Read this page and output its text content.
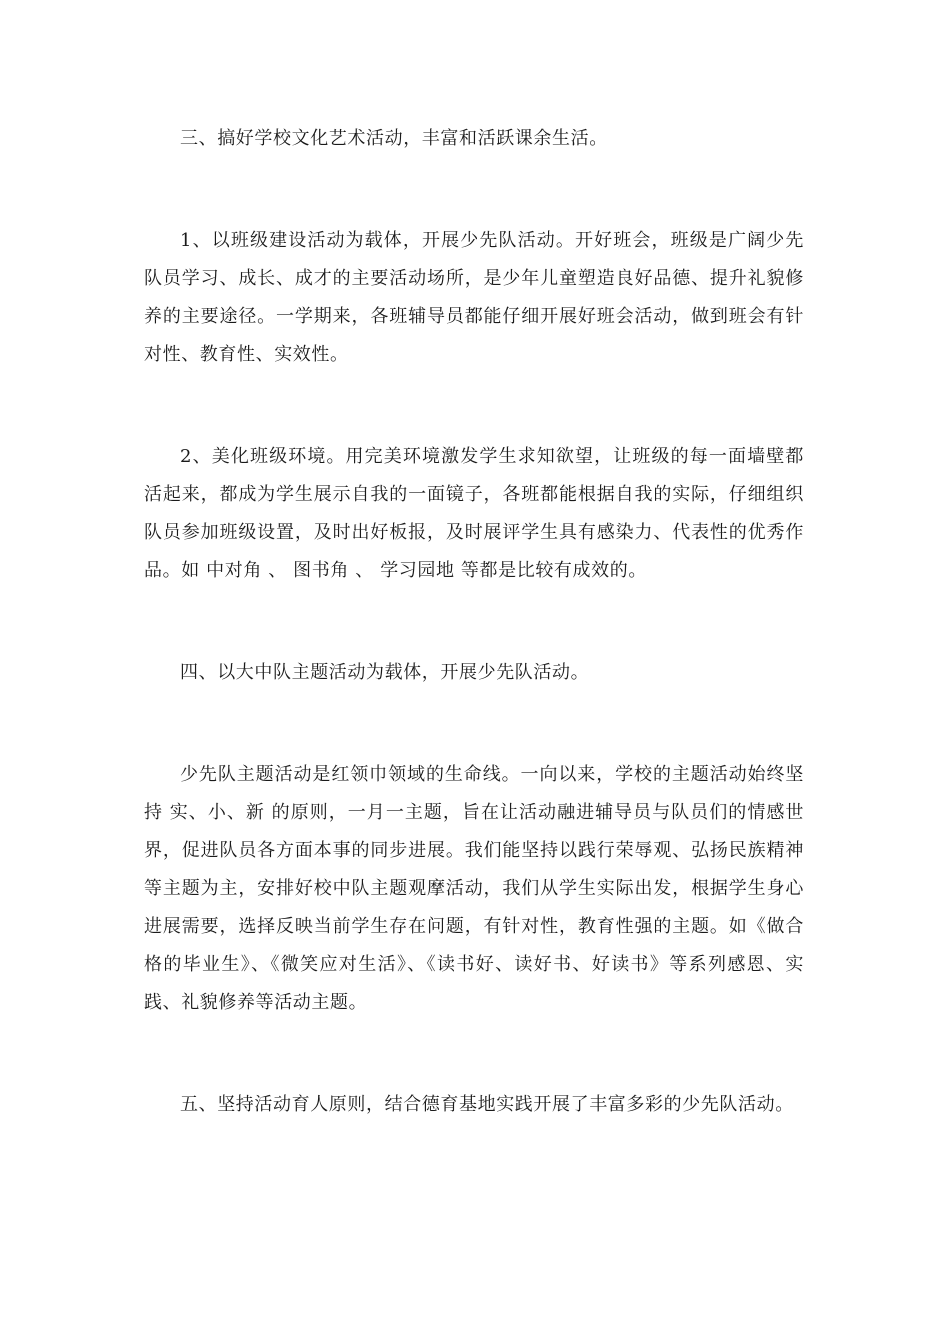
三、搞好学校文化艺术活动，丰富和活跃课余生活。

1、以班级建设活动为载体，开展少先队活动。开好班会，班级是广阔少先队员学习、成长、成才的主要活动场所，是少年儿童塑造良好品德、提升礼貌修养的主要途径。一学期来，各班辅导员都能仔细开展好班会活动，做到班会有针对性、教育性、实效性。

2、美化班级环境。用完美环境激发学生求知欲望，让班级的每一面墙壁都活起来，都成为学生展示自我的一面镜子，各班都能根据自我的实际，仔细组织队员参加班级设置，及时出好板报，及时展评学生具有感染力、代表性的优秀作品。如 中对角 、 图书角 、 学习园地 等都是比较有成效的。

四、以大中队主题活动为载体，开展少先队活动。

少先队主题活动是红领巾领域的生命线。一向以来，学校的主题活动始终坚持 实、小、新 的原则，一月一主题，旨在让活动融进辅导员与队员们的情感世界，促进队员各方面本事的同步进展。我们能坚持以践行荣辱观、弘扬民族精神等主题为主，安排好校中队主题观摩活动，我们从学生实际出发，根据学生身心进展需要，选择反映当前学生存在问题，有针对性，教育性强的主题。如《做合格的毕业生》、《微笑应对生活》、《读书好、读好书、好读书》等系列感恩、实践、礼貌修养等活动主题。

五、坚持活动育人原则，结合德育基地实践开展了丰富多彩的少先队活动。
